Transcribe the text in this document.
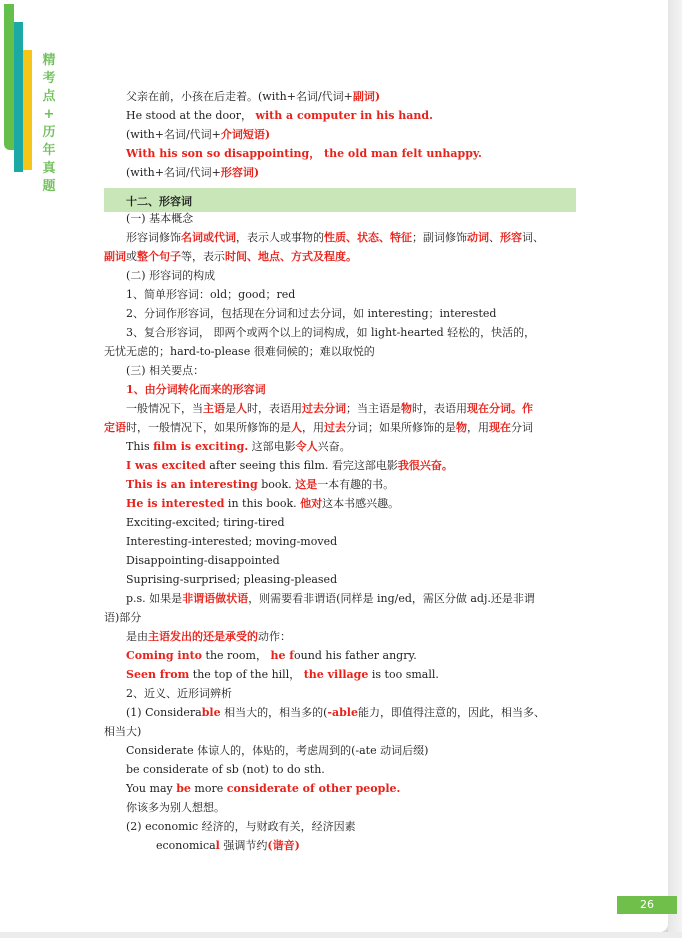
精
考
点
+
历
年
真
题
十二、形容词
父亲在前，小孩在后走着。(with+名词/代词+副词)
He stood at the door， with a computer in his hand.
(with+名词/代词+介词短语)
With his son so disappointing， the old man felt unhappy.
(with+名词/代词+形容词)
(一) 基本概念
形容词修饰名词或代词，表示人或事物的性质、状态、特征；副词修饰动词、形容词、
副词或整个句子等，表示时间、地点、方式及程度。
(二) 形容词的构成
1、简单形容词：old；good；red
2、分词作形容词，包括现在分词和过去分词，如 interesting；interested
3、复合形容词， 即两个或两个以上的词构成，如 light-hearted 轻松的，快活的，
无忧无虑的；hard-to-please 很难伺候的；难以取悦的
(三) 相关要点：
1、由分词转化而来的形容词
一般情况下，当主语是人时，表语用过去分词；当主语是物时，表语用现在分词。作
定语时，一般情况下，如果所修饰的是人，用过去分词；如果所修饰的是物，用现在分词
This film is exciting. 这部电影令人兴奋。
I was excited after seeing this film. 看完这部电影我很兴奋。
This is an interesting book. 这是一本有趣的书。
He is interested in this book. 他对这本书感兴趣。
Exciting-excited; tiring-tired
Interesting-interested; moving-moved
Disappointing-disappointed
Suprising-surprised; pleasing-pleased
p.s. 如果是非谓语做状语，则需要看非谓语(同样是 ing/ed，需区分做 adj.还是非谓
语)部分
是由主语发出的还是承受的动作：
Coming into the room， he found his father angry.
Seen from the top of the hill， the village is too small.
2、近义、近形词辨析
(1) Considerable 相当大的，相当多的(-able能力，即值得注意的，因此，相当多、
相当大)
Considerate 体谅人的，体贴的，考虑周到的(-ate 动词后缀)
be considerate of sb (not) to do sth.
You may be more considerate of other people.
你该多为别人想想。
(2) economic 经济的，与财政有关，经济因素
economical 强调节约(谐音)
26
